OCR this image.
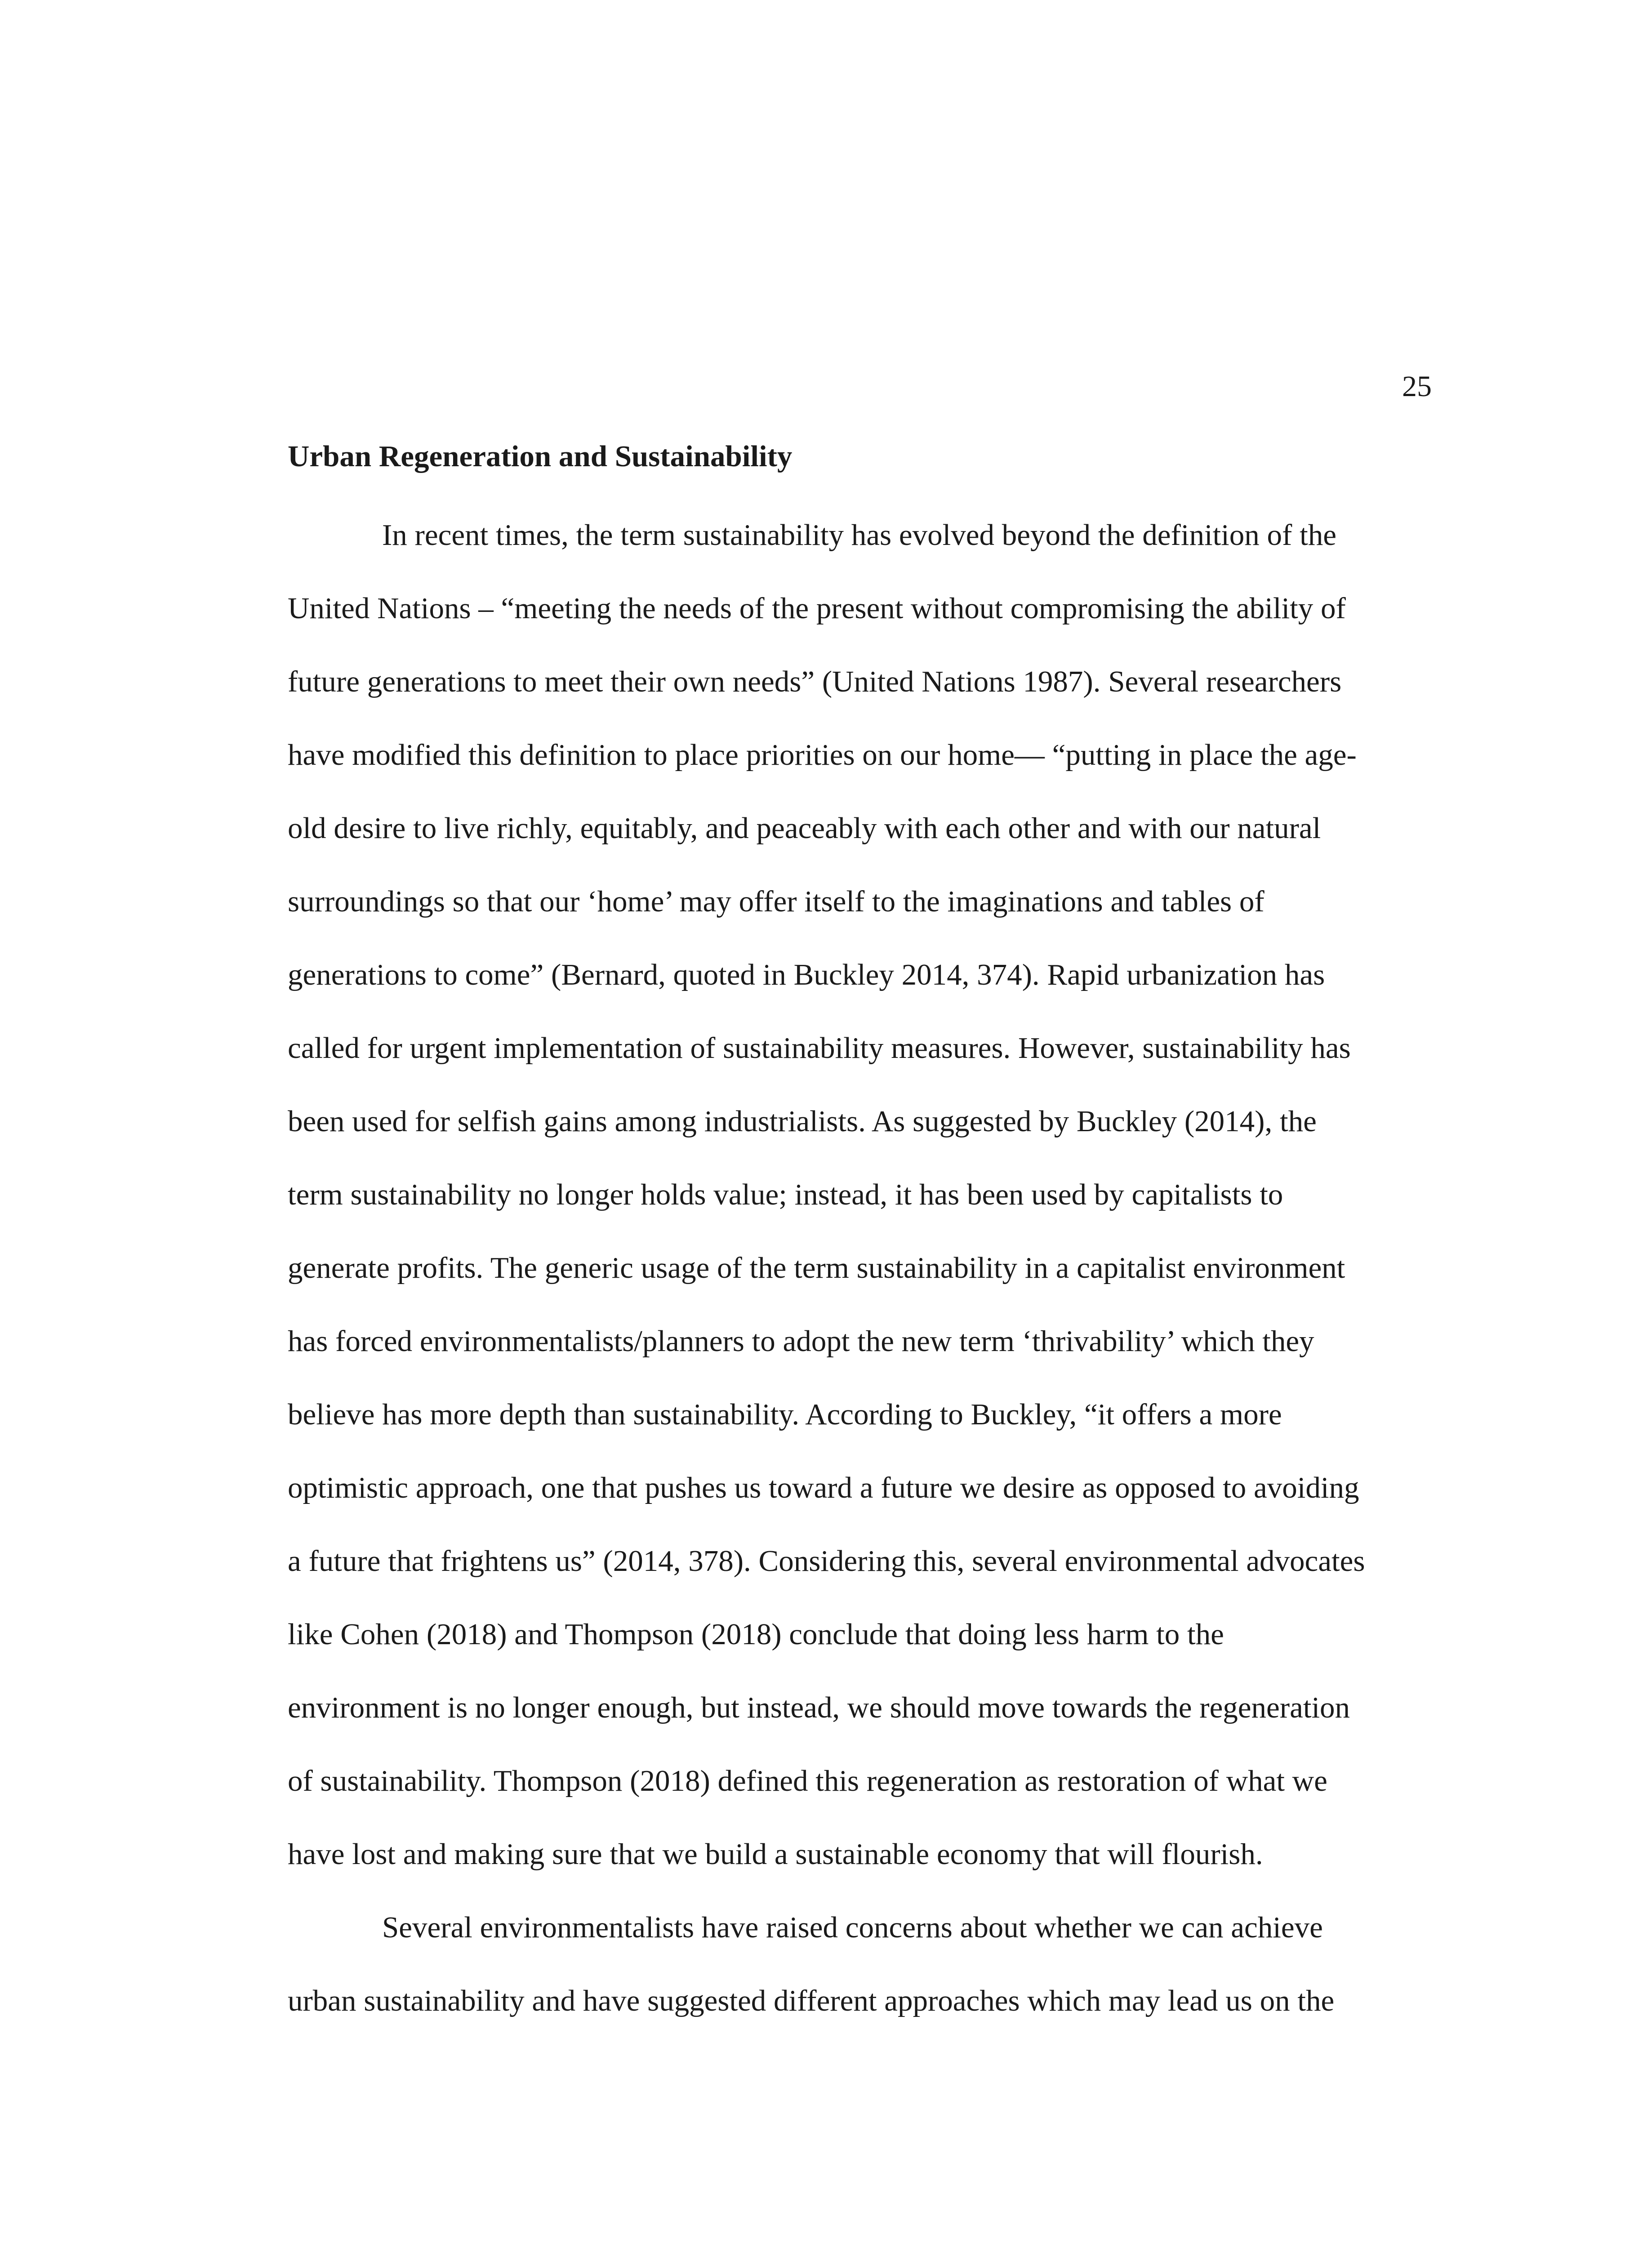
25
Urban Regeneration and Sustainability

In recent times, the term sustainability has evolved beyond the definition of the
United Nations – “meeting the needs of the present without compromising the ability of
future generations to meet their own needs” (United Nations 1987). Several researchers
have modified this definition to place priorities on our home— “putting in place the age-
old desire to live richly, equitably, and peaceably with each other and with our natural
surroundings so that our ‘home’ may offer itself to the imaginations and tables of
generations to come” (Bernard, quoted in Buckley 2014, 374). Rapid urbanization has
called for urgent implementation of sustainability measures. However, sustainability has
been used for selfish gains among industrialists. As suggested by Buckley (2014), the
term sustainability no longer holds value; instead, it has been used by capitalists to
generate profits. The generic usage of the term sustainability in a capitalist environment
has forced environmentalists/planners to adopt the new term ‘thrivability’ which they
believe has more depth than sustainability. According to Buckley, “it offers a more
optimistic approach, one that pushes us toward a future we desire as opposed to avoiding
a future that frightens us” (2014, 378). Considering this, several environmental advocates
like Cohen (2018) and Thompson (2018) conclude that doing less harm to the
environment is no longer enough, but instead, we should move towards the regeneration
of sustainability. Thompson (2018) defined this regeneration as restoration of what we
have lost and making sure that we build a sustainable economy that will flourish.

Several environmentalists have raised concerns about whether we can achieve
urban sustainability and have suggested different approaches which may lead us on the
